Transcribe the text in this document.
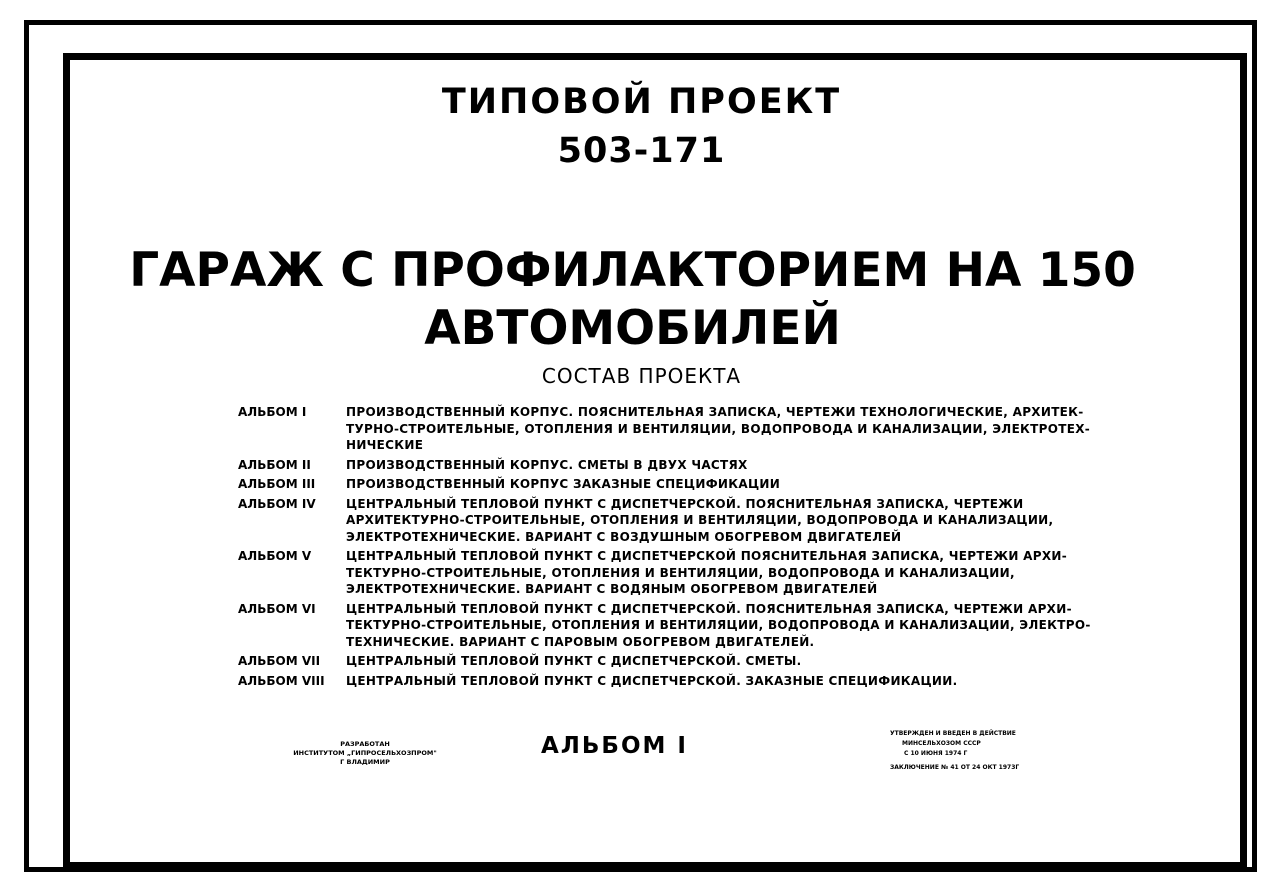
ТИПОВОЙ ПРОЕКТ
503-171
ГАРАЖ С ПРОФИЛАКТОРИЕМ НА 150
АВТОМОБИЛЕЙ
СОСТАВ ПРОЕКТА
АЛЬБОМ I	ПРОИЗВОДСТВЕННЫЙ КОРПУС. ПОЯСНИТЕЛЬНАЯ ЗАПИСКА, ЧЕРТЕЖИ ТЕХНОЛОГИЧЕСКИЕ, АРХИТЕК-
ТУРНО-СТРОИТЕЛЬНЫЕ, ОТОПЛЕНИЯ И ВЕНТИЛЯЦИИ, ВОДОПРОВОДА И КАНАЛИЗАЦИИ, ЭЛЕКТРОТЕХ-
НИЧЕСКИЕ
АЛЬБОМ II	ПРОИЗВОДСТВЕННЫЙ КОРПУС. СМЕТЫ В ДВУХ ЧАСТЯХ
АЛЬБОМ III	ПРОИЗВОДСТВЕННЫЙ КОРПУС ЗАКАЗНЫЕ СПЕЦИФИКАЦИИ
АЛЬБОМ IV	ЦЕНТРАЛЬНЫЙ ТЕПЛОВОЙ ПУНКТ С ДИСПЕТЧЕРСКОЙ. ПОЯСНИТЕЛЬНАЯ ЗАПИСКА, ЧЕРТЕЖИ
АРХИТЕКТУРНО-СТРОИТЕЛЬНЫЕ, ОТОПЛЕНИЯ И ВЕНТИЛЯЦИИ, ВОДОПРОВОДА И КАНАЛИЗАЦИИ,
ЭЛЕКТРОТЕХНИЧЕСКИЕ. ВАРИАНТ С ВОЗДУШНЫМ ОБОГРЕВОМ ДВИГАТЕЛЕЙ
АЛЬБОМ V	ЦЕНТРАЛЬНЫЙ ТЕПЛОВОЙ ПУНКТ С ДИСПЕТЧЕРСКОЙ ПОЯСНИТЕЛЬНАЯ ЗАПИСКА, ЧЕРТЕЖИ АРХИ-
ТЕКТУРНО-СТРОИТЕЛЬНЫЕ, ОТОПЛЕНИЯ И ВЕНТИЛЯЦИИ, ВОДОПРОВОДА И КАНАЛИЗАЦИИ,
ЭЛЕКТРОТЕХНИЧЕСКИЕ. ВАРИАНТ С ВОДЯНЫМ ОБОГРЕВОМ ДВИГАТЕЛЕЙ
АЛЬБОМ VI	ЦЕНТРАЛЬНЫЙ ТЕПЛОВОЙ ПУНКТ С ДИСПЕТЧЕРСКОЙ. ПОЯСНИТЕЛЬНАЯ ЗАПИСКА, ЧЕРТЕЖИ АРХИ-
ТЕКТУРНО-СТРОИТЕЛЬНЫЕ, ОТОПЛЕНИЯ И ВЕНТИЛЯЦИИ, ВОДОПРОВОДА И КАНАЛИЗАЦИИ, ЭЛЕКТРО-
ТЕХНИЧЕСКИЕ. ВАРИАНТ С ПАРОВЫМ ОБОГРЕВОМ ДВИГАТЕЛЕЙ.
АЛЬБОМ VII	ЦЕНТРАЛЬНЫЙ ТЕПЛОВОЙ ПУНКТ С ДИСПЕТЧЕРСКОЙ. СМЕТЫ.
АЛЬБОМ VIII	ЦЕНТРАЛЬНЫЙ ТЕПЛОВОЙ ПУНКТ С ДИСПЕТЧЕРСКОЙ. ЗАКАЗНЫЕ СПЕЦИФИКАЦИИ.
РАЗРАБОТАН
ИНСТИТУТОМ „ГИПРОСЕЛЬХОЗПРОМ"
Г ВЛАДИМИР
АЛЬБОМ I	УТВЕРЖДЕН И ВВЕДЕН В ДЕЙСТВИЕ
МИНСЕЛЬХОЗОМ СССР
С 10 ИЮНЯ 1974 Г
ЗАКЛЮЧЕНИЕ № 41 ОТ 24 ОКТ 1973Г
